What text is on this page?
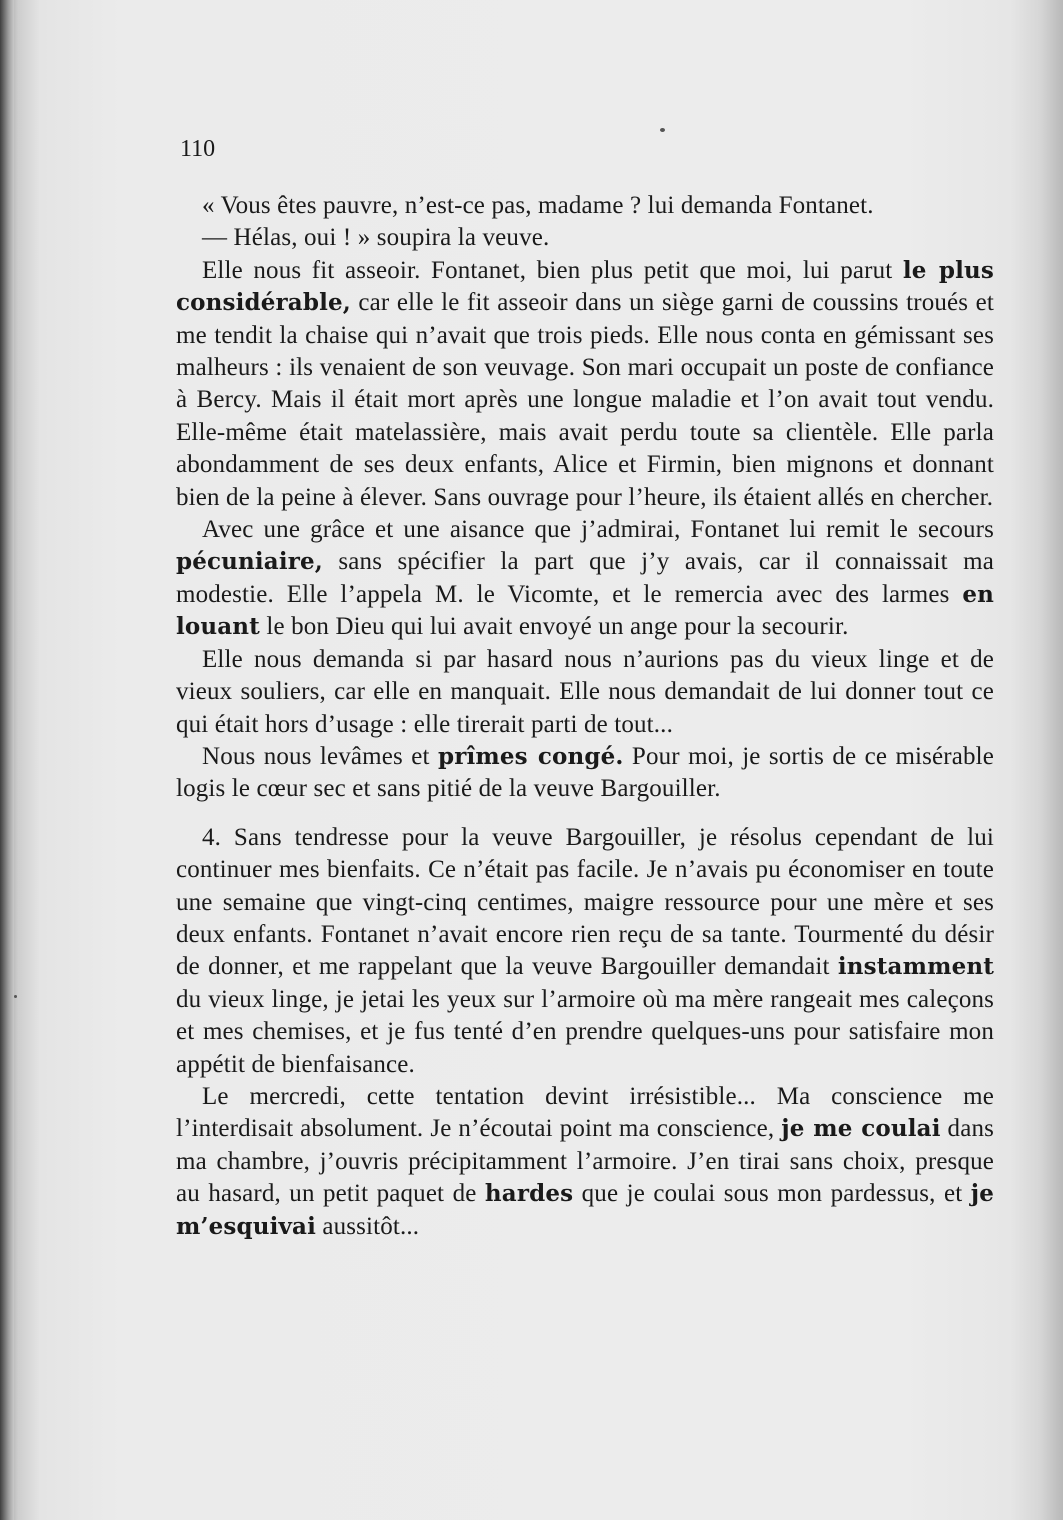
110

« Vous êtes pauvre, n’est-ce pas, madame ? lui demanda Fontanet.

— Hélas, oui ! » soupira la veuve.

Elle nous fit asseoir. Fontanet, bien plus petit que moi, lui parut le plus considérable, car elle le fit asseoir dans un siège garni de coussins troués et me tendit la chaise qui n’avait que trois pieds. Elle nous conta en gémissant ses malheurs : ils venaient de son veuvage. Son mari occupait un poste de confiance à Bercy. Mais il était mort après une longue maladie et l’on avait tout vendu. Elle-même était matelassière, mais avait perdu toute sa clientèle. Elle parla abondamment de ses deux enfants, Alice et Firmin, bien mignons et donnant bien de la peine à élever. Sans ouvrage pour l’heure, ils étaient allés en chercher.

Avec une grâce et une aisance que j’admirai, Fontanet lui remit le secours pécuniaire, sans spécifier la part que j’y avais, car il connaissait ma modestie. Elle l’appela M. le Vicomte, et le remercia avec des larmes en louant le bon Dieu qui lui avait envoyé un ange pour la secourir.

Elle nous demanda si par hasard nous n’aurions pas du vieux linge et de vieux souliers, car elle en manquait. Elle nous demandait de lui donner tout ce qui était hors d’usage : elle tirerait parti de tout...

Nous nous levâmes et prîmes congé. Pour moi, je sortis de ce misérable logis le cœur sec et sans pitié de la veuve Bargouiller.

4. Sans tendresse pour la veuve Bargouiller, je résolus cependant de lui continuer mes bienfaits. Ce n’était pas facile. Je n’avais pu économiser en toute une semaine que vingt-cinq centimes, maigre ressource pour une mère et ses deux enfants. Fontanet n’avait encore rien reçu de sa tante. Tourmenté du désir de donner, et me rappelant que la veuve Bargouiller demandait instamment du vieux linge, je jetai les yeux sur l’armoire où ma mère rangeait mes caleçons et mes chemises, et je fus tenté d’en prendre quelques-uns pour satisfaire mon appétit de bienfaisance.

Le mercredi, cette tentation devint irrésistible... Ma conscience me l’interdisait absolument. Je n’écoutai point ma conscience, je me coulai dans ma chambre, j’ouvris précipitamment l’armoire. J’en tirai sans choix, presque au hasard, un petit paquet de hardes que je coulai sous mon pardessus, et je m’esquivai aussitôt...
